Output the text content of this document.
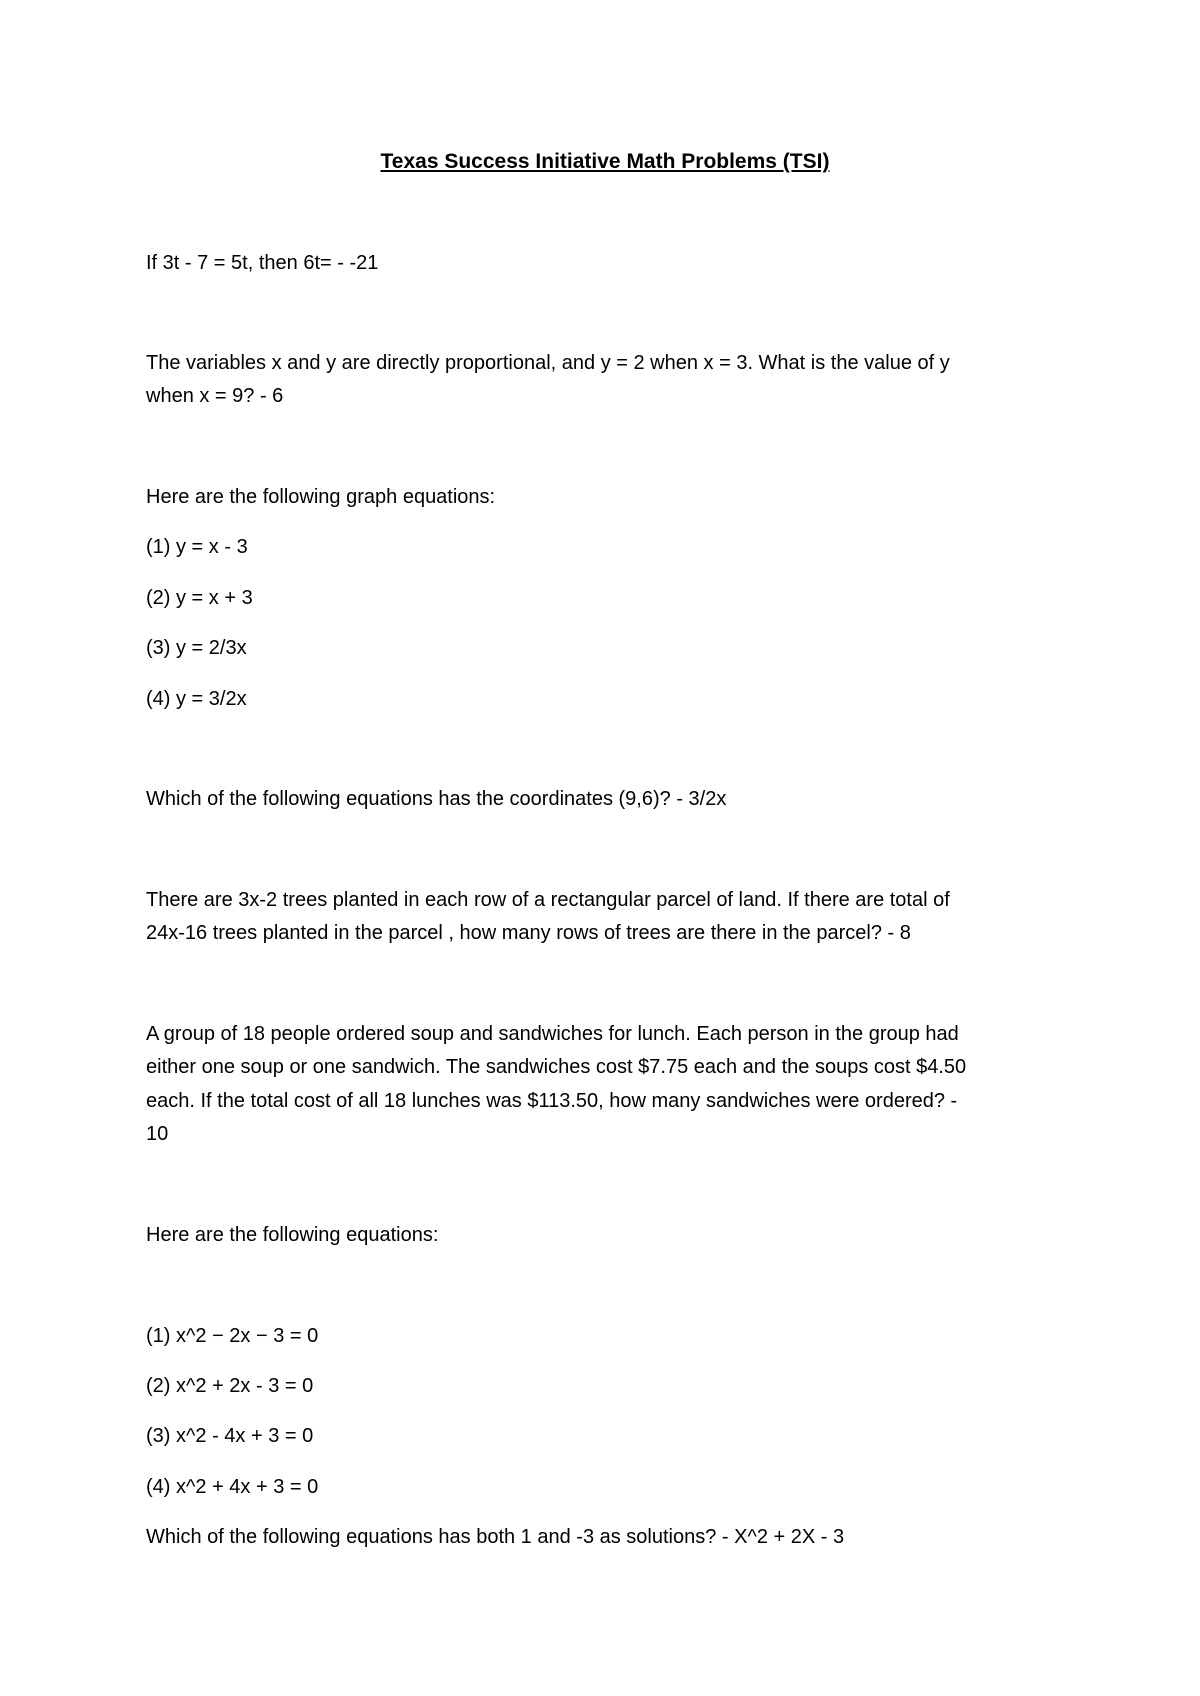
Texas Success Initiative Math Problems (TSI)

If 3t - 7 = 5t, then 6t= - -21

The variables x and y are directly proportional, and y = 2 when x = 3. What is the value of y

when x = 9? - 6

Here are the following graph equations:

(1) y = x - 3

(2) y = x + 3

(3) y = 2/3x

(4) y = 3/2x

Which of the following equations has the coordinates (9,6)? - 3/2x

There are 3x-2 trees planted in each row of a rectangular parcel of land. If there are total of

24x-16 trees planted in the parcel , how many rows of trees are there in the parcel? - 8

A group of 18 people ordered soup and sandwiches for lunch. Each person in the group had

either one soup or one sandwich. The sandwiches cost $7.75 each and the soups cost $4.50

each. If the total cost of all 18 lunches was $113.50, how many sandwiches were ordered? -

10

Here are the following equations:

(1) x^2 − 2x − 3 = 0

(2) x^2 + 2x - 3 = 0

(3) x^2 - 4x + 3 = 0

(4) x^2 + 4x + 3 = 0

Which of the following equations has both 1 and -3 as solutions? - X^2 + 2X - 3
